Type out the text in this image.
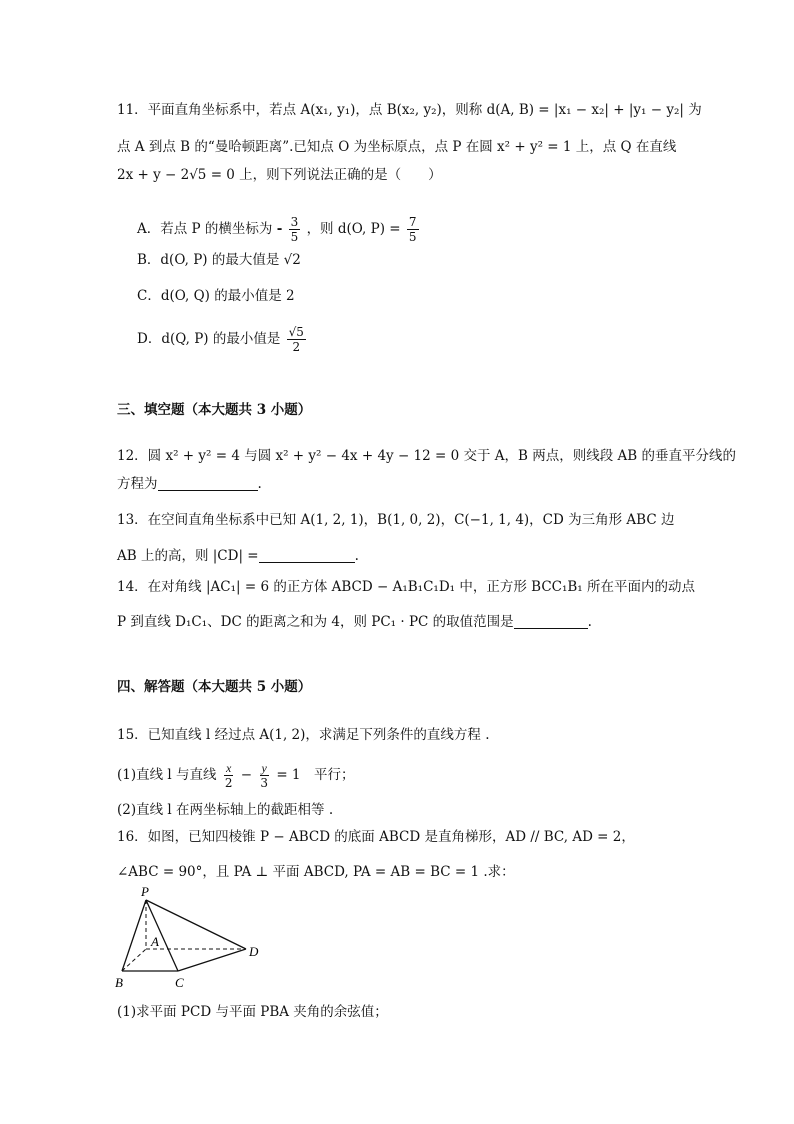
11．平面直角坐标系中，若点 A(x₁, y₁)，点 B(x₂, y₂)，则称 d(A, B) = |x₁ − x₂| + |y₁ − y₂| 为
点 A 到点 B 的“曼哈顿距离”.已知点 O 为坐标原点，点 P 在圆 x² + y² = 1 上，点 Q 在直线
2x + y − 2√5 = 0 上，则下列说法正确的是（　　）
A．若点 P 的横坐标为 - $\frac{3}{5}$ ，则 d(O, $P) = \frac{7}{5}$
B．d(O, P) 的最大值是 √2
C．d(O, Q) 的最小值是 2
D．d(Q, P) 的最小值是 $\frac{√5}{2}$
三、填空题（本大题共 3 小题）
12．圆 x² + y² = 4 与圆 x² + y² − 4x + 4y − 12 = 0 交于 A，B 两点，则线段 AB 的垂直平分线的
方程为	.
13．在空间直角坐标系中已知 A(1, 2, 1)，B(1, 0, 2)，C(−1, 1, 4)，CD 为三角形 ABC 边
AB 上的高，则 |CD| =	.
14．在对角线 |AC₁| = 6 的正方体 ABCD − A₁B₁C₁D₁ 中，正方形 BCC₁B₁ 所在平面内的动点
P 到直线 D₁C₁、DC 的距离之和为 4，则 PC₁ · PC 的取值范围是	.
四、解答题（本大题共 5 小题）
15．已知直线 l 经过点 A(1, 2)，求满足下列条件的直线方程 .
(1)直线 l 与直线 $\frac{x}{2} - \frac{y}{3} = 1$　平行；
(2)直线 l 在两坐标轴上的截距相等 .
16．如图，已知四棱锥 P − ABCD 的底面 ABCD 是直角梯形，AD // BC, AD = 2，
∠ABC = 90°，且 PA ⊥ 平面 ABCD, PA = AB = BC = 1 .求：
P
A
B	C
D
(1)求平面 PCD 与平面 PBA 夹角的余弦值；
